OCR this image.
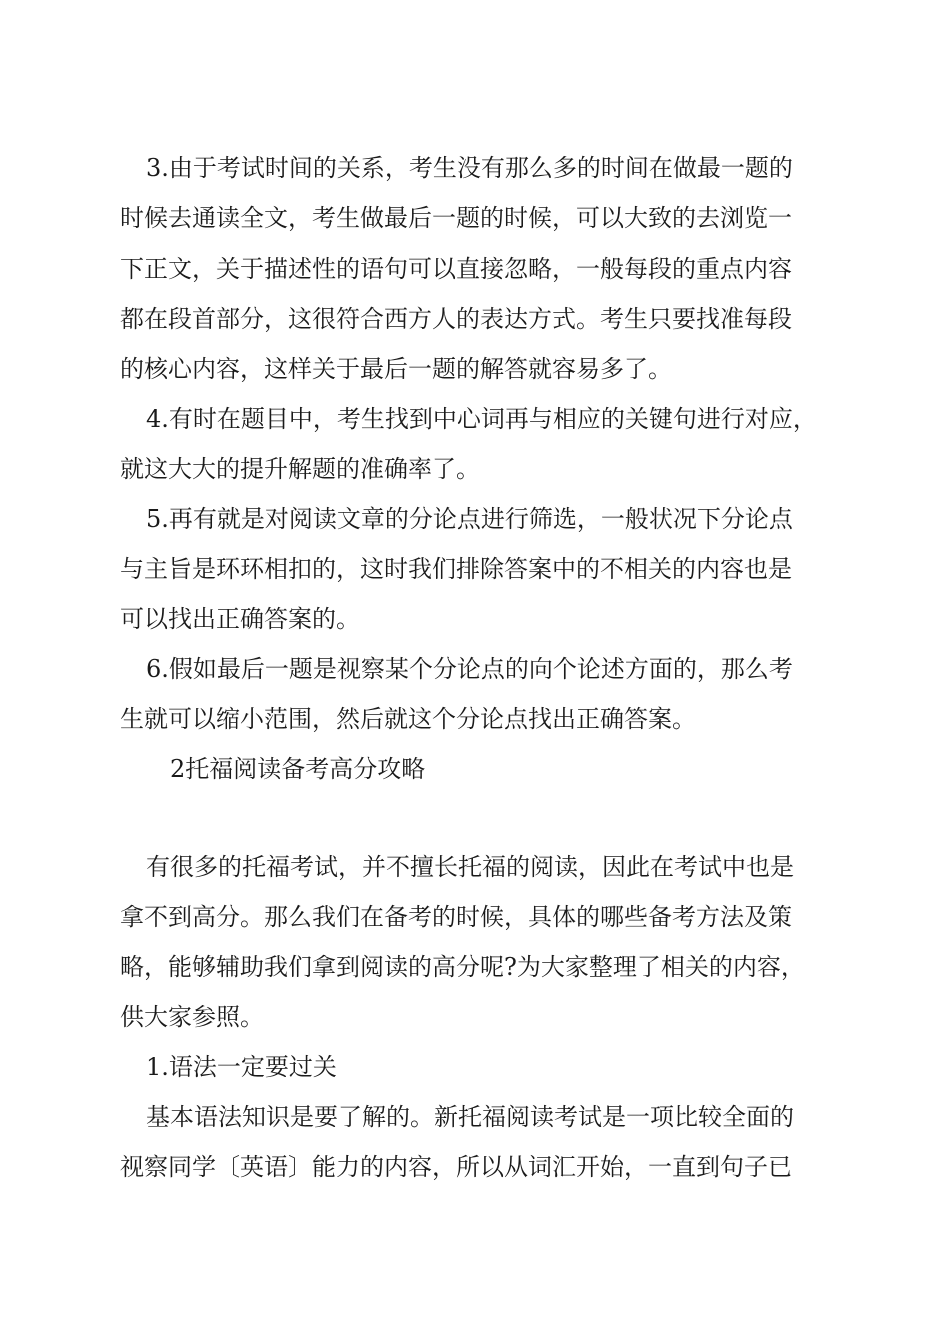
3.由于考试时间的关系，考生没有那么多的时间在做最一题的
时候去通读全文，考生做最后一题的时候，可以大致的去浏览一
下正文，关于描述性的语句可以直接忽略，一般每段的重点内容
都在段首部分，这很符合西方人的表达方式。考生只要找准每段
的核心内容，这样关于最后一题的解答就容易多了。
4.有时在题目中，考生找到中心词再与相应的关键句进行对应，
就这大大的提升解题的准确率了。
5.再有就是对阅读文章的分论点进行筛选，一般状况下分论点
与主旨是环环相扣的，这时我们排除答案中的不相关的内容也是
可以找出正确答案的。
6.假如最后一题是视察某个分论点的向个论述方面的，那么考
生就可以缩小范围，然后就这个分论点找出正确答案。
2托福阅读备考高分攻略
有很多的托福考试，并不擅长托福的阅读，因此在考试中也是
拿不到高分。那么我们在备考的时候，具体的哪些备考方法及策
略，能够辅助我们拿到阅读的高分呢?为大家整理了相关的内容，
供大家参照。
1.语法一定要过关
基本语法知识是要了解的。新托福阅读考试是一项比较全面的
视察同学〔英语〕能力的内容，所以从词汇开始，一直到句子已
